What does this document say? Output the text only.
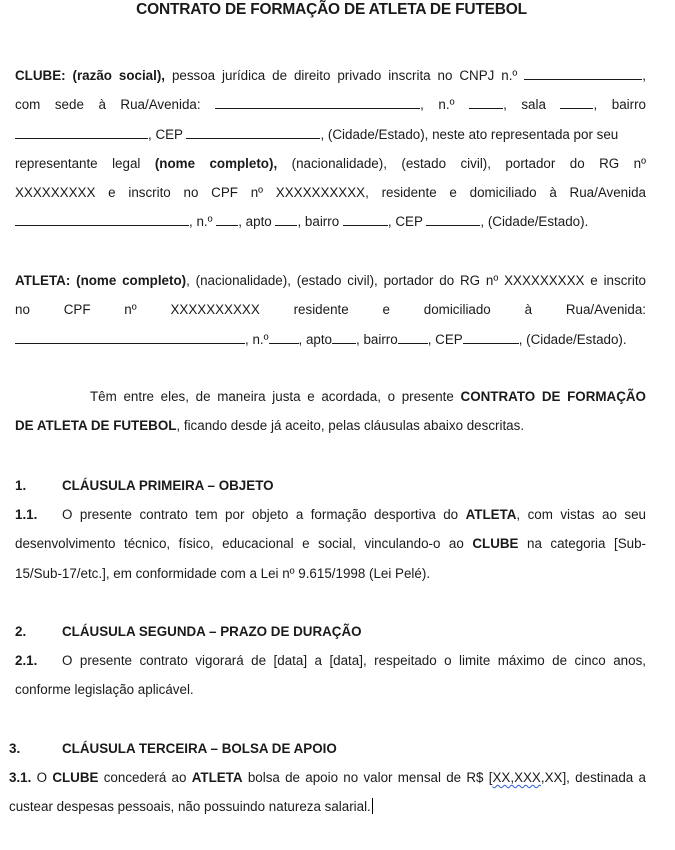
CONTRATO DE FORMAÇÃO DE ATLETA DE FUTEBOL
CLUBE: (razão social), pessoa jurídica de direito privado inscrita no CNPJ n.º	,
com sede à Rua/Avenida:	, n.º	, sala	, bairro
, CEP	, (Cidade/Estado), neste ato representada por seu
representante legal (nome completo), (nacionalidade), (estado civil), portador do RG nº
XXXXXXXXX e inscrito no CPF nº XXXXXXXXXX, residente e domiciliado à Rua/Avenida
, n.º , apto , bairro	, CEP	, (Cidade/Estado).
ATLETA: (nome completo), (nacionalidade), (estado civil), portador do RG nº XXXXXXXXX e inscrito
no CPF nº XXXXXXXXXX residente e domiciliado à Rua/Avenida:
, n.º , apto , bairro , CEP	, (Cidade/Estado).
Têm entre eles, de maneira justa e acordada, o presente CONTRATO DE FORMAÇÃO
DE ATLETA DE FUTEBOL, ficando desde já aceito, pelas cláusulas abaixo descritas.
1.	CLÁUSULA PRIMEIRA – OBJETO
1.1. O presente contrato tem por objeto a formação desportiva do ATLETA, com vistas ao seu
desenvolvimento técnico, físico, educacional e social, vinculando-o ao CLUBE na categoria [Sub-
15/Sub-17/etc.], em conformidade com a Lei nº 9.615/1998 (Lei Pelé).
2.	CLÁUSULA SEGUNDA – PRAZO DE DURAÇÃO
2.1. O presente contrato vigorará de [data] a [data], respeitado o limite máximo de cinco anos,
conforme legislação aplicável.
3.	CLÁUSULA TERCEIRA – BOLSA DE APOIO
3.1. O CLUBE concederá ao ATLETA bolsa de apoio no valor mensal de R$ [XX,XXX,XX], destinada a
custear despesas pessoais, não possuindo natureza salarial.
